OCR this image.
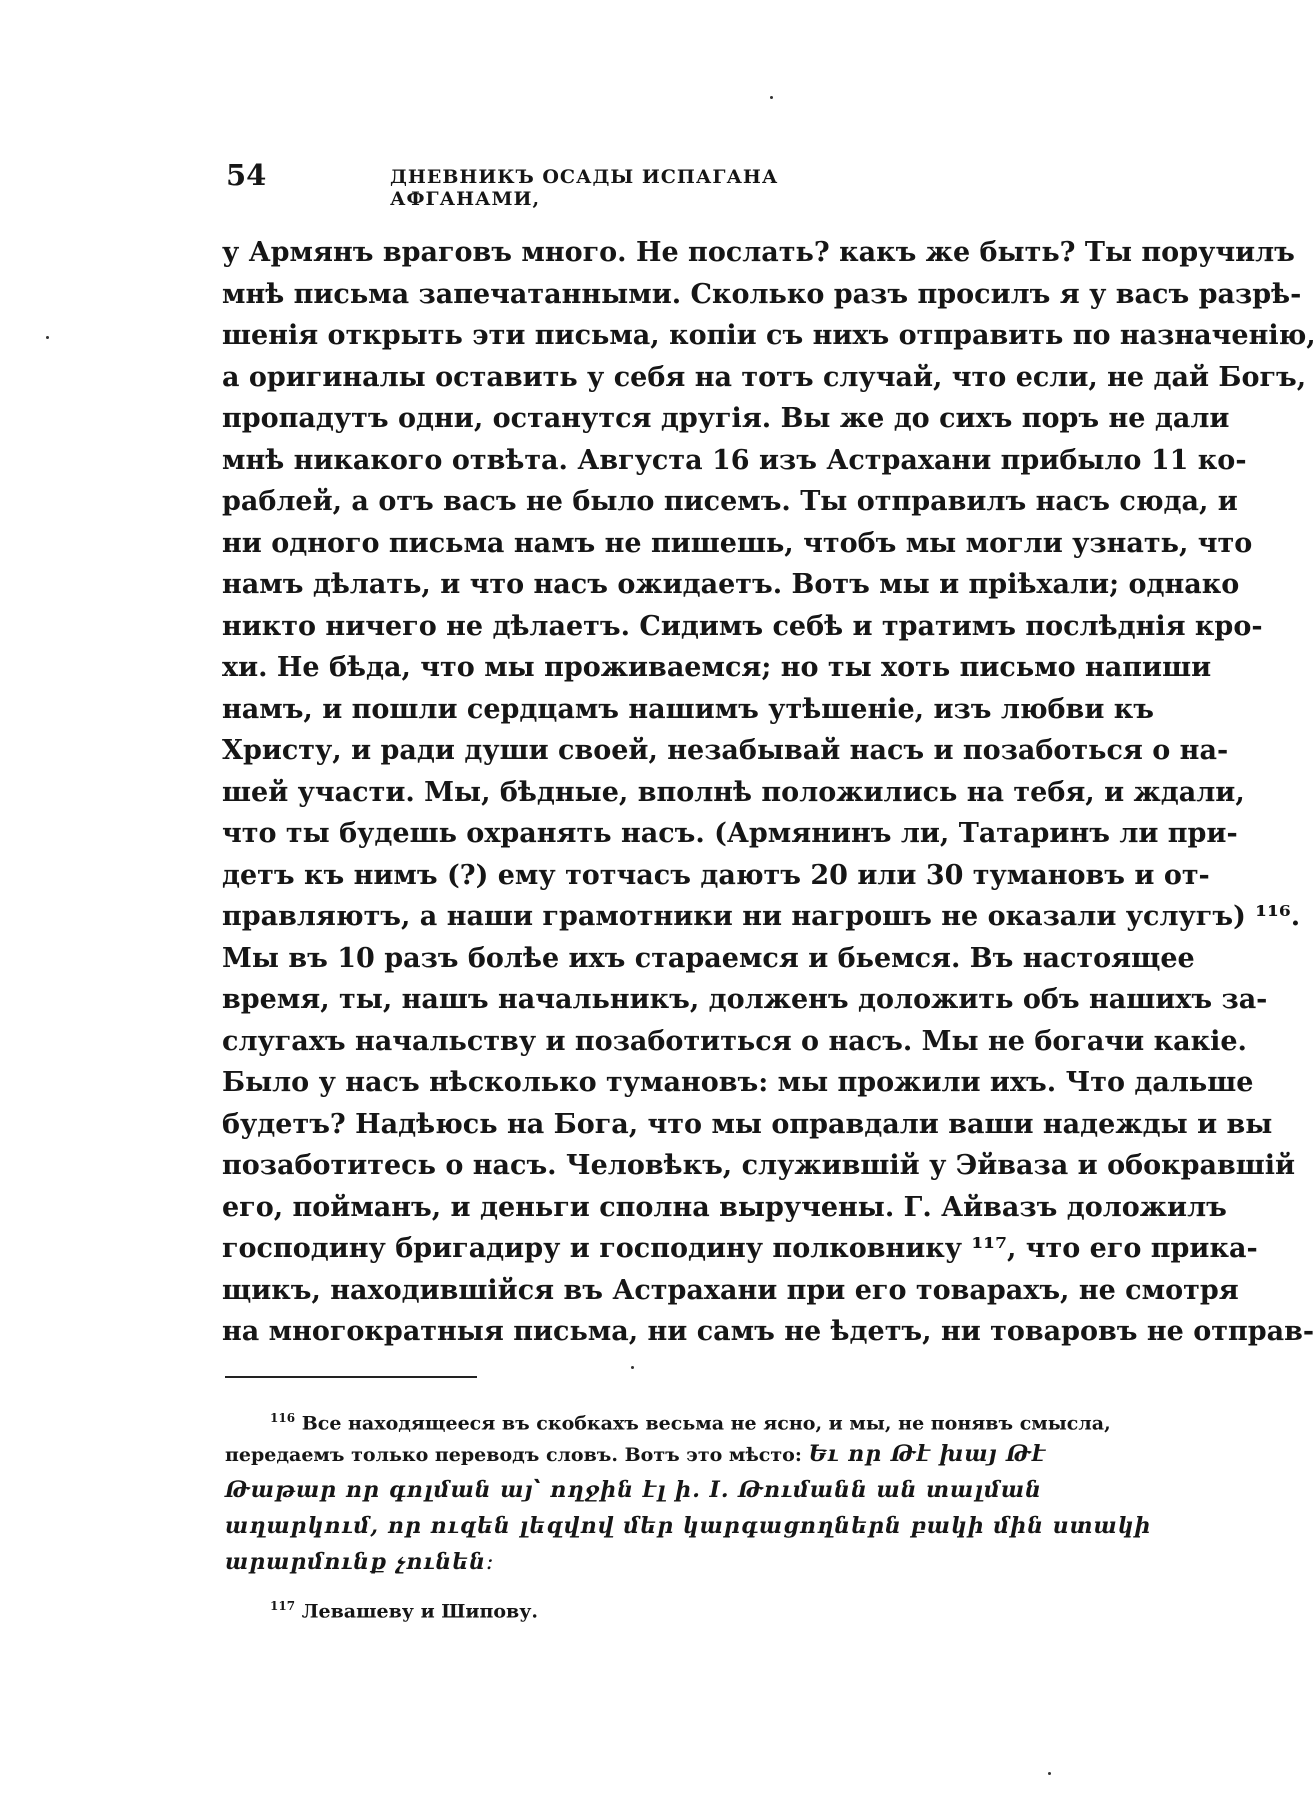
54	ДНЕВНИКЪ ОСАДЫ ИСПАГАНА АФГАНАМИ,
у Армянъ враговъ много. Не послать? какъ же быть? Ты поручилъ
мнѣ письма запечатанными. Сколько разъ просилъ я у васъ разрѣ-
шенія открыть эти письма, копіи съ нихъ отправить по назначенію,
а оригиналы оставить у себя на тотъ случай, что если, не дай Богъ,
пропадутъ одни, останутся другія. Вы же до сихъ поръ не дали
мнѣ никакого отвѣта. Августа 16 изъ Астрахани прибыло 11 ко-
раблей, а отъ васъ не было писемъ. Ты отправилъ насъ сюда, и
ни одного письма намъ не пишешь, чтобъ мы могли узнать, что
намъ дѣлать, и что насъ ожидаетъ. Вотъ мы и пріѣхали; однако
никто ничего не дѣлаетъ. Сидимъ себѣ и тратимъ послѣднія кро-
хи. Не бѣда, что мы проживаемся; но ты хоть письмо напиши
намъ, и пошли сердцамъ нашимъ утѣшеніе, изъ любви къ
Христу, и ради души своей, незабывай насъ и позаботься о на-
шей участи. Мы, бѣдные, вполнѣ положились на тебя, и ждали,
что ты будешь охранять насъ. (Армянинъ ли, Татаринъ ли при-
детъ къ нимъ (?) ему тотчасъ даютъ 20 или 30 тумановъ и от-
правляютъ, а наши грамотники ни нагрошъ не оказали услугъ) ¹¹⁶.
Мы въ 10 разъ болѣе ихъ стараемся и бьемся. Въ настоящее
время, ты, нашъ начальникъ, долженъ доложить объ нашихъ за-
слугахъ начальству и позаботиться о насъ. Мы не богачи какіе.
Было у насъ нѣсколько тумановъ: мы прожили ихъ. Что дальше
будетъ? Надѣюсь на Бога, что мы оправдали ваши надежды и вы
позаботитесь о насъ. Человѣкъ, служившій у Эйваза и обокравшій
его, пойманъ, и деньги сполна выручены. Г. Айвазъ доложилъ
господину бригадиру и господину полковнику ¹¹⁷, что его прика-
щикъ, находившійся въ Астрахани при его товарахъ, не смотря
на многократныя письма, ни самъ не ѣдетъ, ни товаровъ не отправ-
$^{116}$ Все находящееся въ скобкахъ весьма не ясно, и мы, не понявъ смысла,
передаемъ только переводъ словъ. Вотъ это мѣсто: Եւ որ Թէ խայ Թէ
Թաթար որ գոլման այ՝ ողջին էլ ի. I․ Թումանն ան տալման
աղարկում, որ ուզեն լեզվով մեր կարգացողներն բակի մին ստակի
արարմունք չունեն։
$^{117}$ Левашеву и Шипову.
